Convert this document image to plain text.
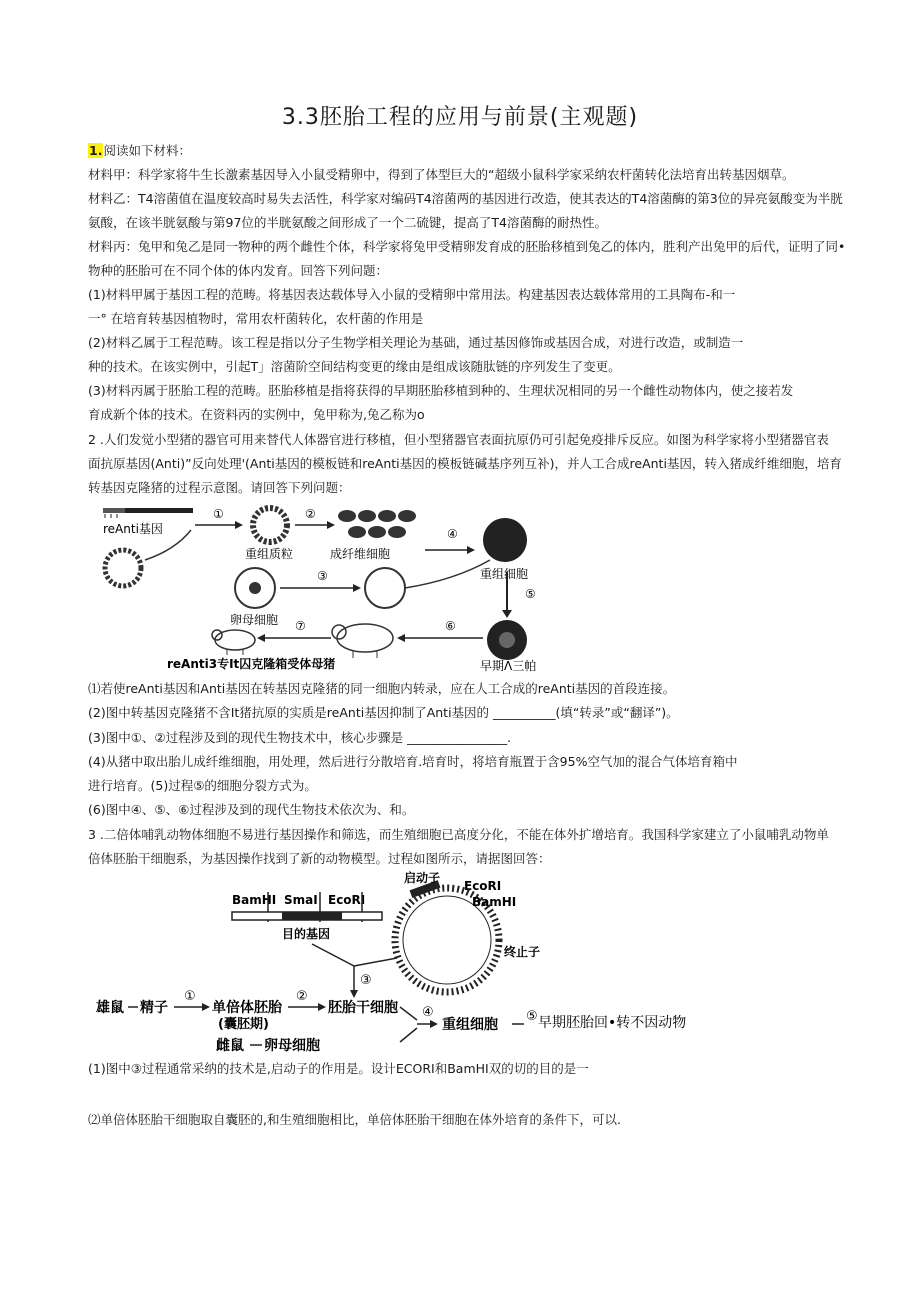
3.3胚胎工程的应用与前景(主观题)
1.阅读如下材料：
材料甲：科学家将牛生长激素基因导入小鼠受精卵中，得到了体型巨大的“超级小鼠科学家采纳农杆菌转化法培育出转基因烟草。
材料乙：T4溶菌值在温度较高时易失去活性，科学家对编码T4溶菌两的基因进行改造，使其表达的T4溶菌酶的第3位的异亮氨酸变为半胱
氨酸，在该半胱氨酸与第97位的半胱氨酸之间形成了一个二硫键，提高了T4溶菌酶的耐热性。
材料丙：兔甲和兔乙是同一物种的两个雌性个体，科学家将兔甲受精卵发育成的胚胎移植到兔乙的体内，胜利产出兔甲的后代，证明了同•
物种的胚胎可在不同个体的体内发育。回答下列问题：
(1)材料甲属于基因工程的范畴。将基因表达载体导入小鼠的受精卵中常用法。构建基因表达载体常用的工具陶布-和一
一° 在培育转基因植物时，常用农杆菌转化，农杆菌的作用是
(2)材料乙属于工程范畴。该工程是指以分子生物学相关理论为基础，通过基因修饰或基因合成，对进行改造，或制造一
种的技术。在该实例中，引起T」溶菌阶空间结构变更的缘由是组成该随肽链的序列发生了变更。
(3)材料丙属于胚胎工程的范畴。胚胎移植是指将获得的早期胚胎移植到种的、生理状况相同的另一个雌性动物体内，使之接若发
育成新个体的技术。在资料丙的实例中，兔甲称为,兔乙称为o
2 .人们发觉小型猪的器官可用来替代人体器官进行移植，但小型猪器官表面抗原仍可引起免疫排斥反应。如图为科学家将小型猪器官表
面抗原基因(Anti)”反向处理'(Anti基因的模板链和reAnti基因的模板链碱基序列互补)，并人工合成reAnti基因，转入猪成纤维细胞，培育
转基因克隆猪的过程示意图。请回答下列问题：
reAnti基因
①
重组质粒
②
成纤维细胞
④
重组细胞
卵母细胞
③
⑤
早期Λ三帕
⑥
⑦
reAnti3专It囚克隆箱受体母猪
⑴若使reAnti基因和Anti基因在转基因克隆猪的同一细胞内转录，应在人工合成的reAnti基因的首段连接。
(2)图中转基因克隆猪不含It猪抗原的实质是reAnti基因抑制了Anti基因的 __________(填“转录”或“翻译”)。
(3)图中①、②过程涉及到的现代生物技术中，核心步骤是 ________________.
(4)从猪中取出胎儿成纤维细胞，用处理，然后进行分散培育.培育时，将培育瓶置于含95%空气加的混合气体培育箱中
进行培育。(5)过程⑤的细胞分裂方式为。
(6)图中④、⑤、⑥过程涉及到的现代生物技术依次为、和。
3 .二倍体哺乳动物体细胞不易进行基因操作和筛选，而生殖细胞已高度分化，不能在体外扩增培育。我国科学家建立了小鼠哺乳动物单
倍体胚胎干细胞系，为基因操作找到了新的动物模型。过程如图所示，请据图回答：
BamHⅠ SmaⅠ EcoRⅠ
目的基因
启动子
EcoRⅠ
BamHⅠ
终止子
③
雄鼠 精子
①
单倍体胚胎
(囊胚期)
②
胚胎干细胞 ④
重组细胞
雌鼠 卵母细胞
⑤ 早期胚胎回•转不因动物
(1)图中③过程通常采纳的技术是,启动子的作用是。设计ECORI和BamHI双的切的目的是一
⑵单倍体胚胎干细胞取自囊胚的,和生殖细胞相比，单倍体胚胎干细胞在体外培育的条件下，可以.
